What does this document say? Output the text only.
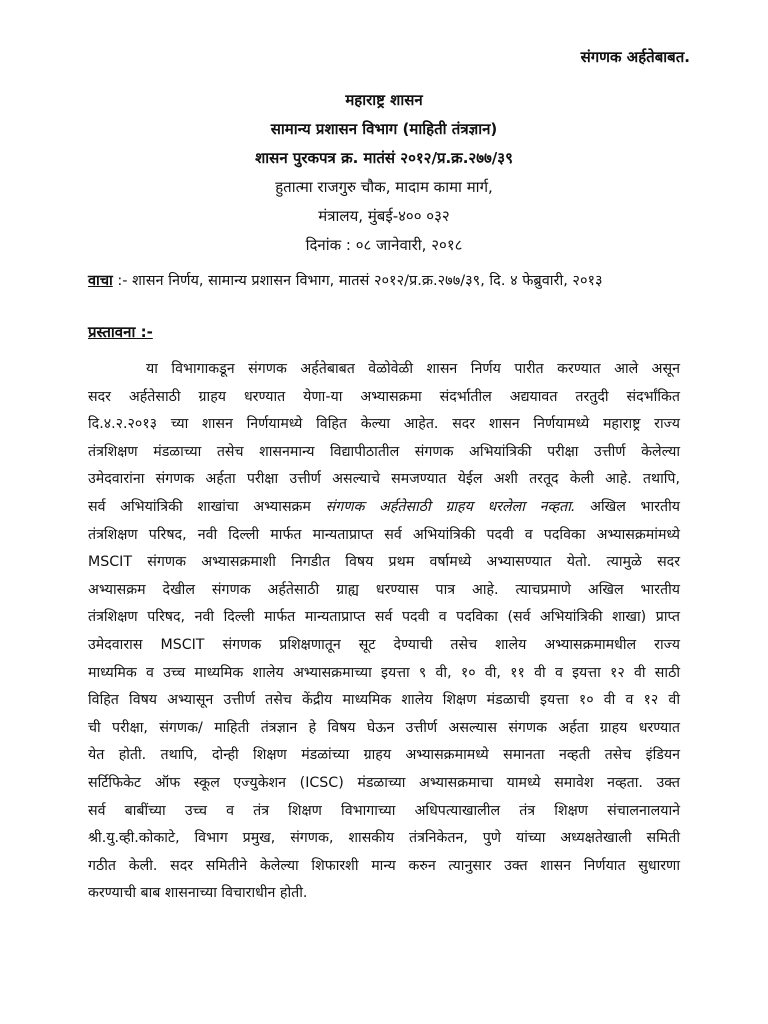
संगणक अर्हतेबाबत.
महाराष्ट्र शासन
सामान्य प्रशासन विभाग (माहिती तंत्रज्ञान)
शासन पुरकपत्र क्र. मातंसं २०१२/प्र.क्र.२७७/३९
हुतात्मा राजगुरु चौक, मादाम कामा मार्ग,
मंत्रालय, मुंबई-४०० ०३२
दिनांक : ०८ जानेवारी, २०१८
वाचा :- शासन निर्णय, सामान्य प्रशासन विभाग, मातसं २०१२/प्र.क्र.२७७/३९, दि. ४ फेब्रुवारी, २०१३
प्रस्तावना :-
या विभागाकडून संगणक अर्हतेबाबत वेळोवेळी शासन निर्णय पारीत करण्यात आले असून
सदर अर्हतेसाठी ग्राहय धरण्यात येणा-या अभ्यासक्रमा संदर्भातील अद्ययावत तरतुदी संदर्भांकित
दि.४.२.२०१३ च्या शासन निर्णयामध्ये विहित केल्या आहेत. सदर शासन निर्णयामध्ये महाराष्ट्र राज्य
तंत्रशिक्षण मंडळाच्या तसेच शासनमान्य विद्यापीठातील संगणक अभियांत्रिकी परीक्षा उत्तीर्ण केलेल्या
उमेदवारांना संगणक अर्हता परीक्षा उत्तीर्ण असल्याचे समजण्यात येईल अशी तरतूद केली आहे. तथापि,
सर्व अभियांत्रिकी शाखांचा अभ्यासक्रम संगणक अर्हतेसाठी ग्राहय धरलेला नव्हता. अखिल भारतीय
तंत्रशिक्षण परिषद, नवी दिल्ली मार्फत मान्यताप्राप्त सर्व अभियांत्रिकी पदवी व पदविका अभ्यासक्रमांमध्ये
MSCIT संगणक अभ्यासक्रमाशी निगडीत विषय प्रथम वर्षामध्ये अभ्यासण्यात येतो. त्यामुळे सदर
अभ्यासक्रम देखील संगणक अर्हतेसाठी ग्राह्य धरण्यास पात्र आहे. त्याचप्रमाणे अखिल भारतीय
तंत्रशिक्षण परिषद, नवी दिल्ली मार्फत मान्यताप्राप्त सर्व पदवी व पदविका (सर्व अभियांत्रिकी शाखा) प्राप्त
उमेदवारास MSCIT संगणक प्रशिक्षणातून सूट देण्याची तसेच शालेय अभ्यासक्रमामधील राज्य
माध्यमिक व उच्च माध्यमिक शालेय अभ्यासक्रमाच्या इयत्ता ९ वी, १० वी, ११ वी व इयत्ता १२ वी साठी
विहित विषय अभ्यासून उत्तीर्ण तसेच केंद्रीय माध्यमिक शालेय शिक्षण मंडळाची इयत्ता १० वी व १२ वी
ची परीक्षा, संगणक/ माहिती तंत्रज्ञान हे विषय घेऊन उत्तीर्ण असल्यास संगणक अर्हता ग्राहय धरण्यात
येत होती. तथापि, दोन्ही शिक्षण मंडळांच्या ग्राहय अभ्यासक्रमामध्ये समानता नव्हती तसेच इंडियन
सर्टिफिकेट ऑफ स्कूल एज्युकेशन (ICSC) मंडळाच्या अभ्यासक्रमाचा यामध्ये समावेश नव्हता. उक्त
सर्व बाबींच्या उच्च व तंत्र शिक्षण विभागाच्या अधिपत्याखालील तंत्र शिक्षण संचालनालयाने
श्री.यु.व्ही.कोकाटे, विभाग प्रमुख, संगणक, शासकीय तंत्रनिकेतन, पुणे यांच्या अध्यक्षतेखाली समिती
गठीत केली. सदर समितीने केलेल्या शिफारशी मान्य करुन त्यानुसार उक्त शासन निर्णयात सुधारणा
करण्याची बाब शासनाच्या विचाराधीन होती.
